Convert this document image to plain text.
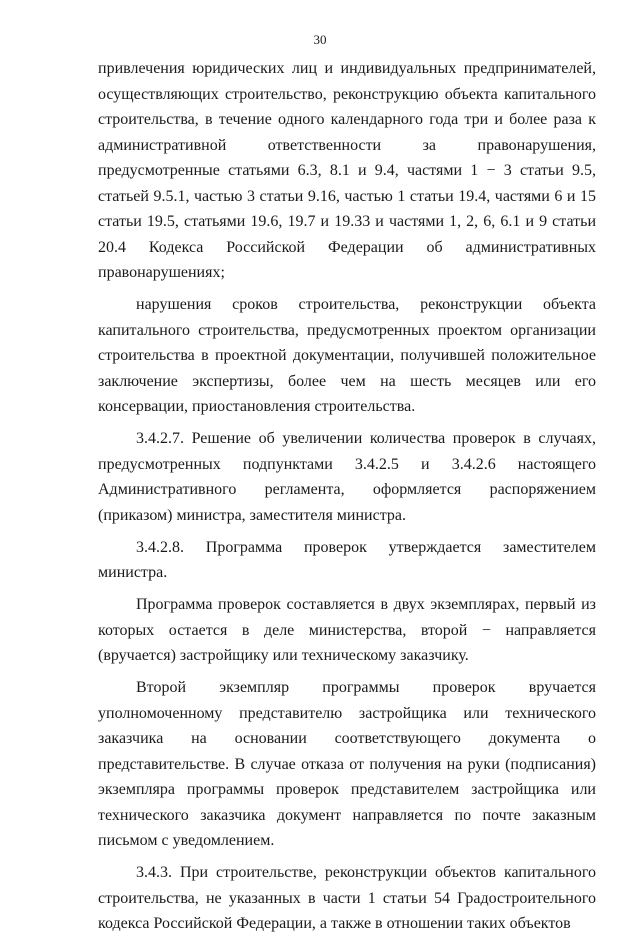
30

привлечения юридических лиц и индивидуальных предпринимателей, осуществляющих строительство, реконструкцию объекта капитального строительства, в течение одного календарного года три и более раза к административной ответственности за правонарушения, предусмотренные статьями 6.3, 8.1 и 9.4, частями 1 − 3 статьи 9.5, статьей 9.5.1, частью 3 статьи 9.16, частью 1 статьи 19.4, частями 6 и 15 статьи 19.5, статьями 19.6, 19.7 и 19.33 и частями 1, 2, 6, 6.1 и 9 статьи 20.4 Кодекса Российской Федерации об административных правонарушениях;

нарушения сроков строительства, реконструкции объекта капитального строительства, предусмотренных проектом организации строительства в проектной документации, получившей положительное заключение экспертизы, более чем на шесть месяцев или его консервации, приостановления строительства.

3.4.2.7. Решение об увеличении количества проверок в случаях, предусмотренных подпунктами 3.4.2.5 и 3.4.2.6 настоящего Административного регламента, оформляется распоряжением (приказом) министра, заместителя министра.

3.4.2.8. Программа проверок утверждается заместителем министра.

Программа проверок составляется в двух экземплярах, первый из которых остается в деле министерства, второй − направляется (вручается) застройщику или техническому заказчику.

Второй экземпляр программы проверок вручается уполномоченному представителю застройщика или технического заказчика на основании соответствующего документа о представительстве. В случае отказа от получения на руки (подписания) экземпляра программы проверок представителем застройщика или технического заказчика документ направляется по почте заказным письмом с уведомлением.

3.4.3. При строительстве, реконструкции объектов капитального строительства, не указанных в части 1 статьи 54 Градостроительного кодекса Российской Федерации, а также в отношении таких объектов
